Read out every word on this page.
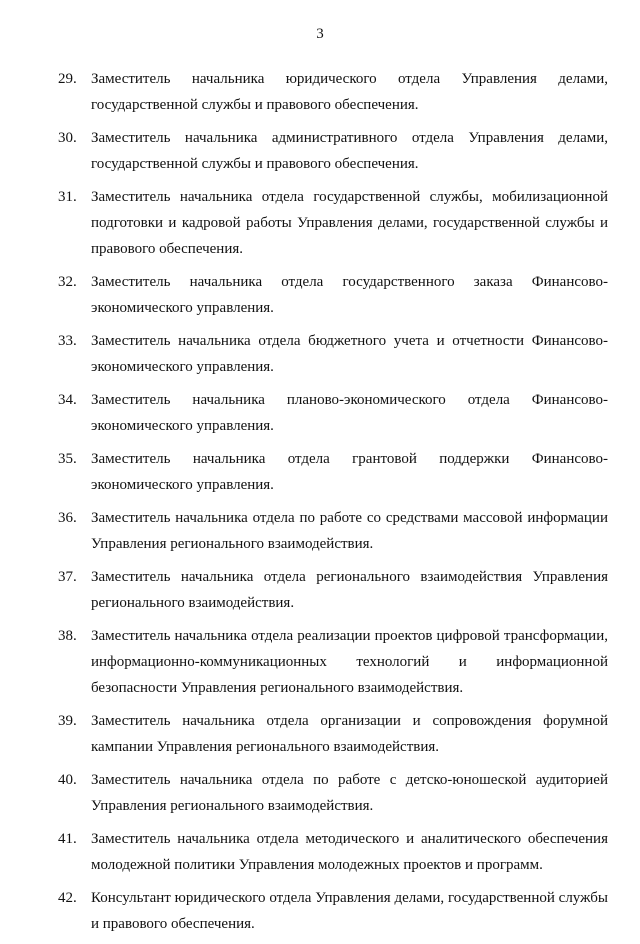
3
29. Заместитель начальника юридического отдела Управления делами, государственной службы и правового обеспечения.
30. Заместитель начальника административного отдела Управления делами, государственной службы и правового обеспечения.
31. Заместитель начальника отдела государственной службы, мобилизационной подготовки и кадровой работы Управления делами, государственной службы и правового обеспечения.
32. Заместитель начальника отдела государственного заказа Финансово-экономического управления.
33. Заместитель начальника отдела бюджетного учета и отчетности Финансово-экономического управления.
34. Заместитель начальника планово-экономического отдела Финансово-экономического управления.
35. Заместитель начальника отдела грантовой поддержки Финансово-экономического управления.
36. Заместитель начальника отдела по работе со средствами массовой информации Управления регионального взаимодействия.
37. Заместитель начальника отдела регионального взаимодействия Управления регионального взаимодействия.
38. Заместитель начальника отдела реализации проектов цифровой трансформации, информационно-коммуникационных технологий и информационной безопасности Управления регионального взаимодействия.
39. Заместитель начальника отдела организации и сопровождения форумной кампании Управления регионального взаимодействия.
40. Заместитель начальника отдела по работе с детско-юношеской аудиторией Управления регионального взаимодействия.
41. Заместитель начальника отдела методического и аналитического обеспечения молодежной политики Управления молодежных проектов и программ.
42. Консультант юридического отдела Управления делами, государственной службы и правового обеспечения.
